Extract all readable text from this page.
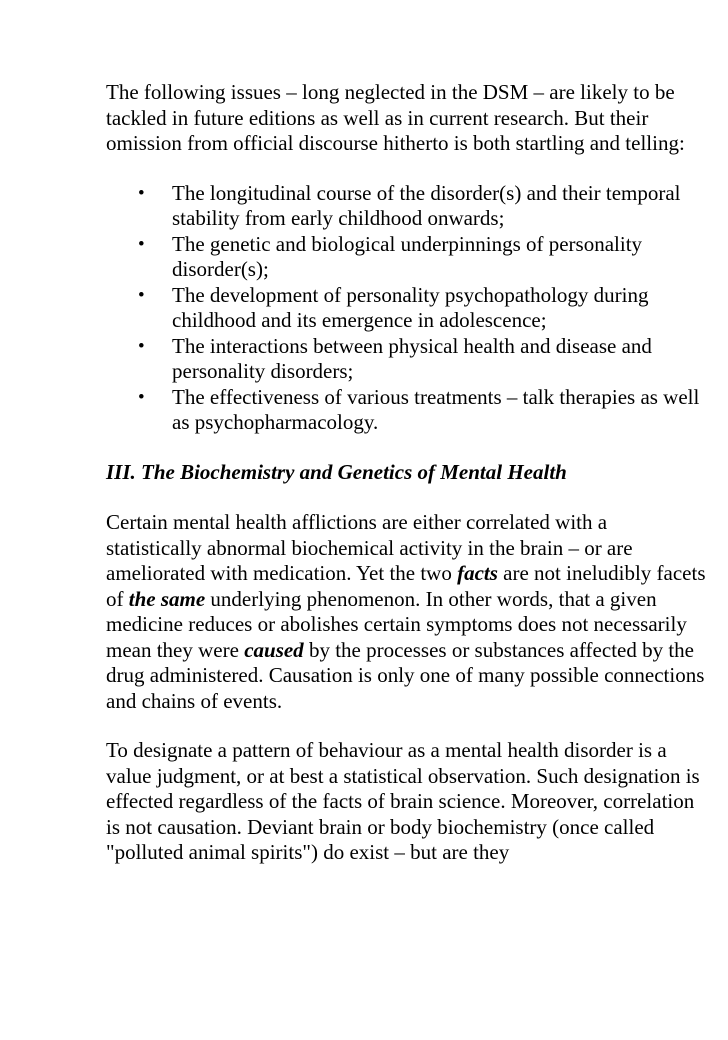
The following issues – long neglected in the DSM – are likely to be tackled in future editions as well as in current research. But their omission from official discourse hitherto is both startling and telling:

• The longitudinal course of the disorder(s) and their temporal stability from early childhood onwards;
• The genetic and biological underpinnings of personality disorder(s);
• The development of personality psychopathology during childhood and its emergence in adolescence;
• The interactions between physical health and disease and personality disorders;
• The effectiveness of various treatments – talk therapies as well as psychopharmacology.

III. The Biochemistry and Genetics of Mental Health

Certain mental health afflictions are either correlated with a statistically abnormal biochemical activity in the brain – or are ameliorated with medication. Yet the two facts are not ineludibly facets of the same underlying phenomenon. In other words, that a given medicine reduces or abolishes certain symptoms does not necessarily mean they were caused by the processes or substances affected by the drug administered. Causation is only one of many possible connections and chains of events.

To designate a pattern of behaviour as a mental health disorder is a value judgment, or at best a statistical observation. Such designation is effected regardless of the facts of brain science. Moreover, correlation is not causation. Deviant brain or body biochemistry (once called "polluted animal spirits") do exist – but are they
